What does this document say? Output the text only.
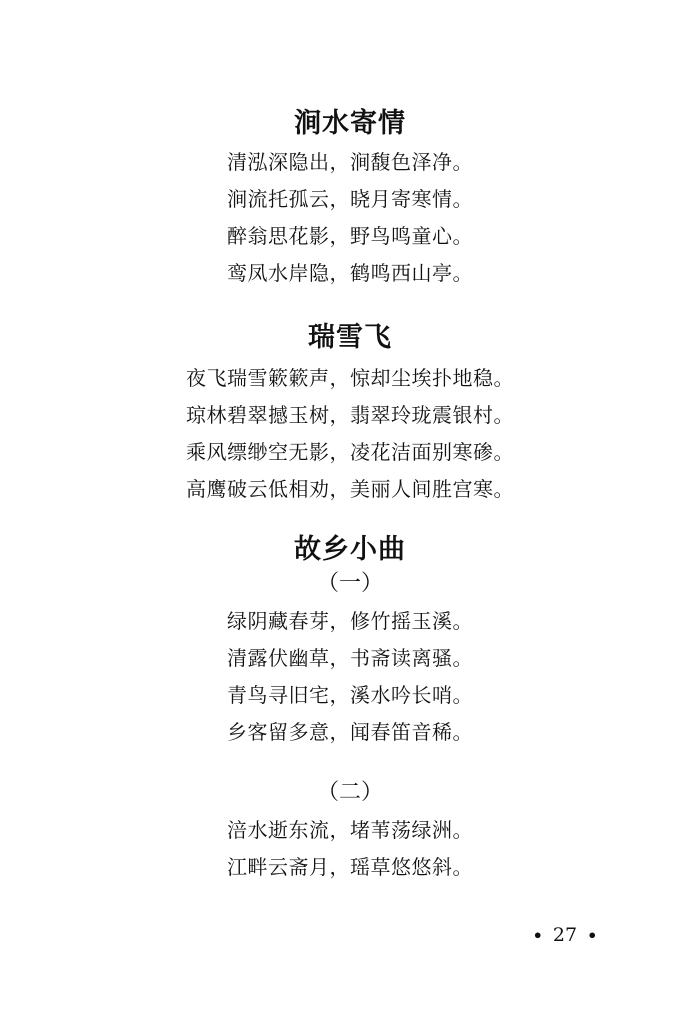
涧水寄情

清泓深隐出，涧馥色泽净。

涧流托孤云，晓月寄寒情。

醉翁思花影，野鸟鸣童心。

鸾凤水岸隐，鹤鸣西山亭。

瑞雪飞

夜飞瑞雪簌簌声，惊却尘埃扑地稳。

琼林碧翠撼玉树，翡翠玲珑震银村。

乘风缥缈空无影，凌花洁面别寒碜。

高鹰破云低相劝，美丽人间胜宫寒。

故乡小曲

（一）

绿阴藏春芽，修竹摇玉溪。

清露伏幽草，书斋读离骚。

青鸟寻旧宅，溪水吟长哨。

乡客留多意，闻春笛音稀。

（二）

涪水逝东流，堵苇荡绿洲。

江畔云斋月，瑶草悠悠斜。

• 27 •
